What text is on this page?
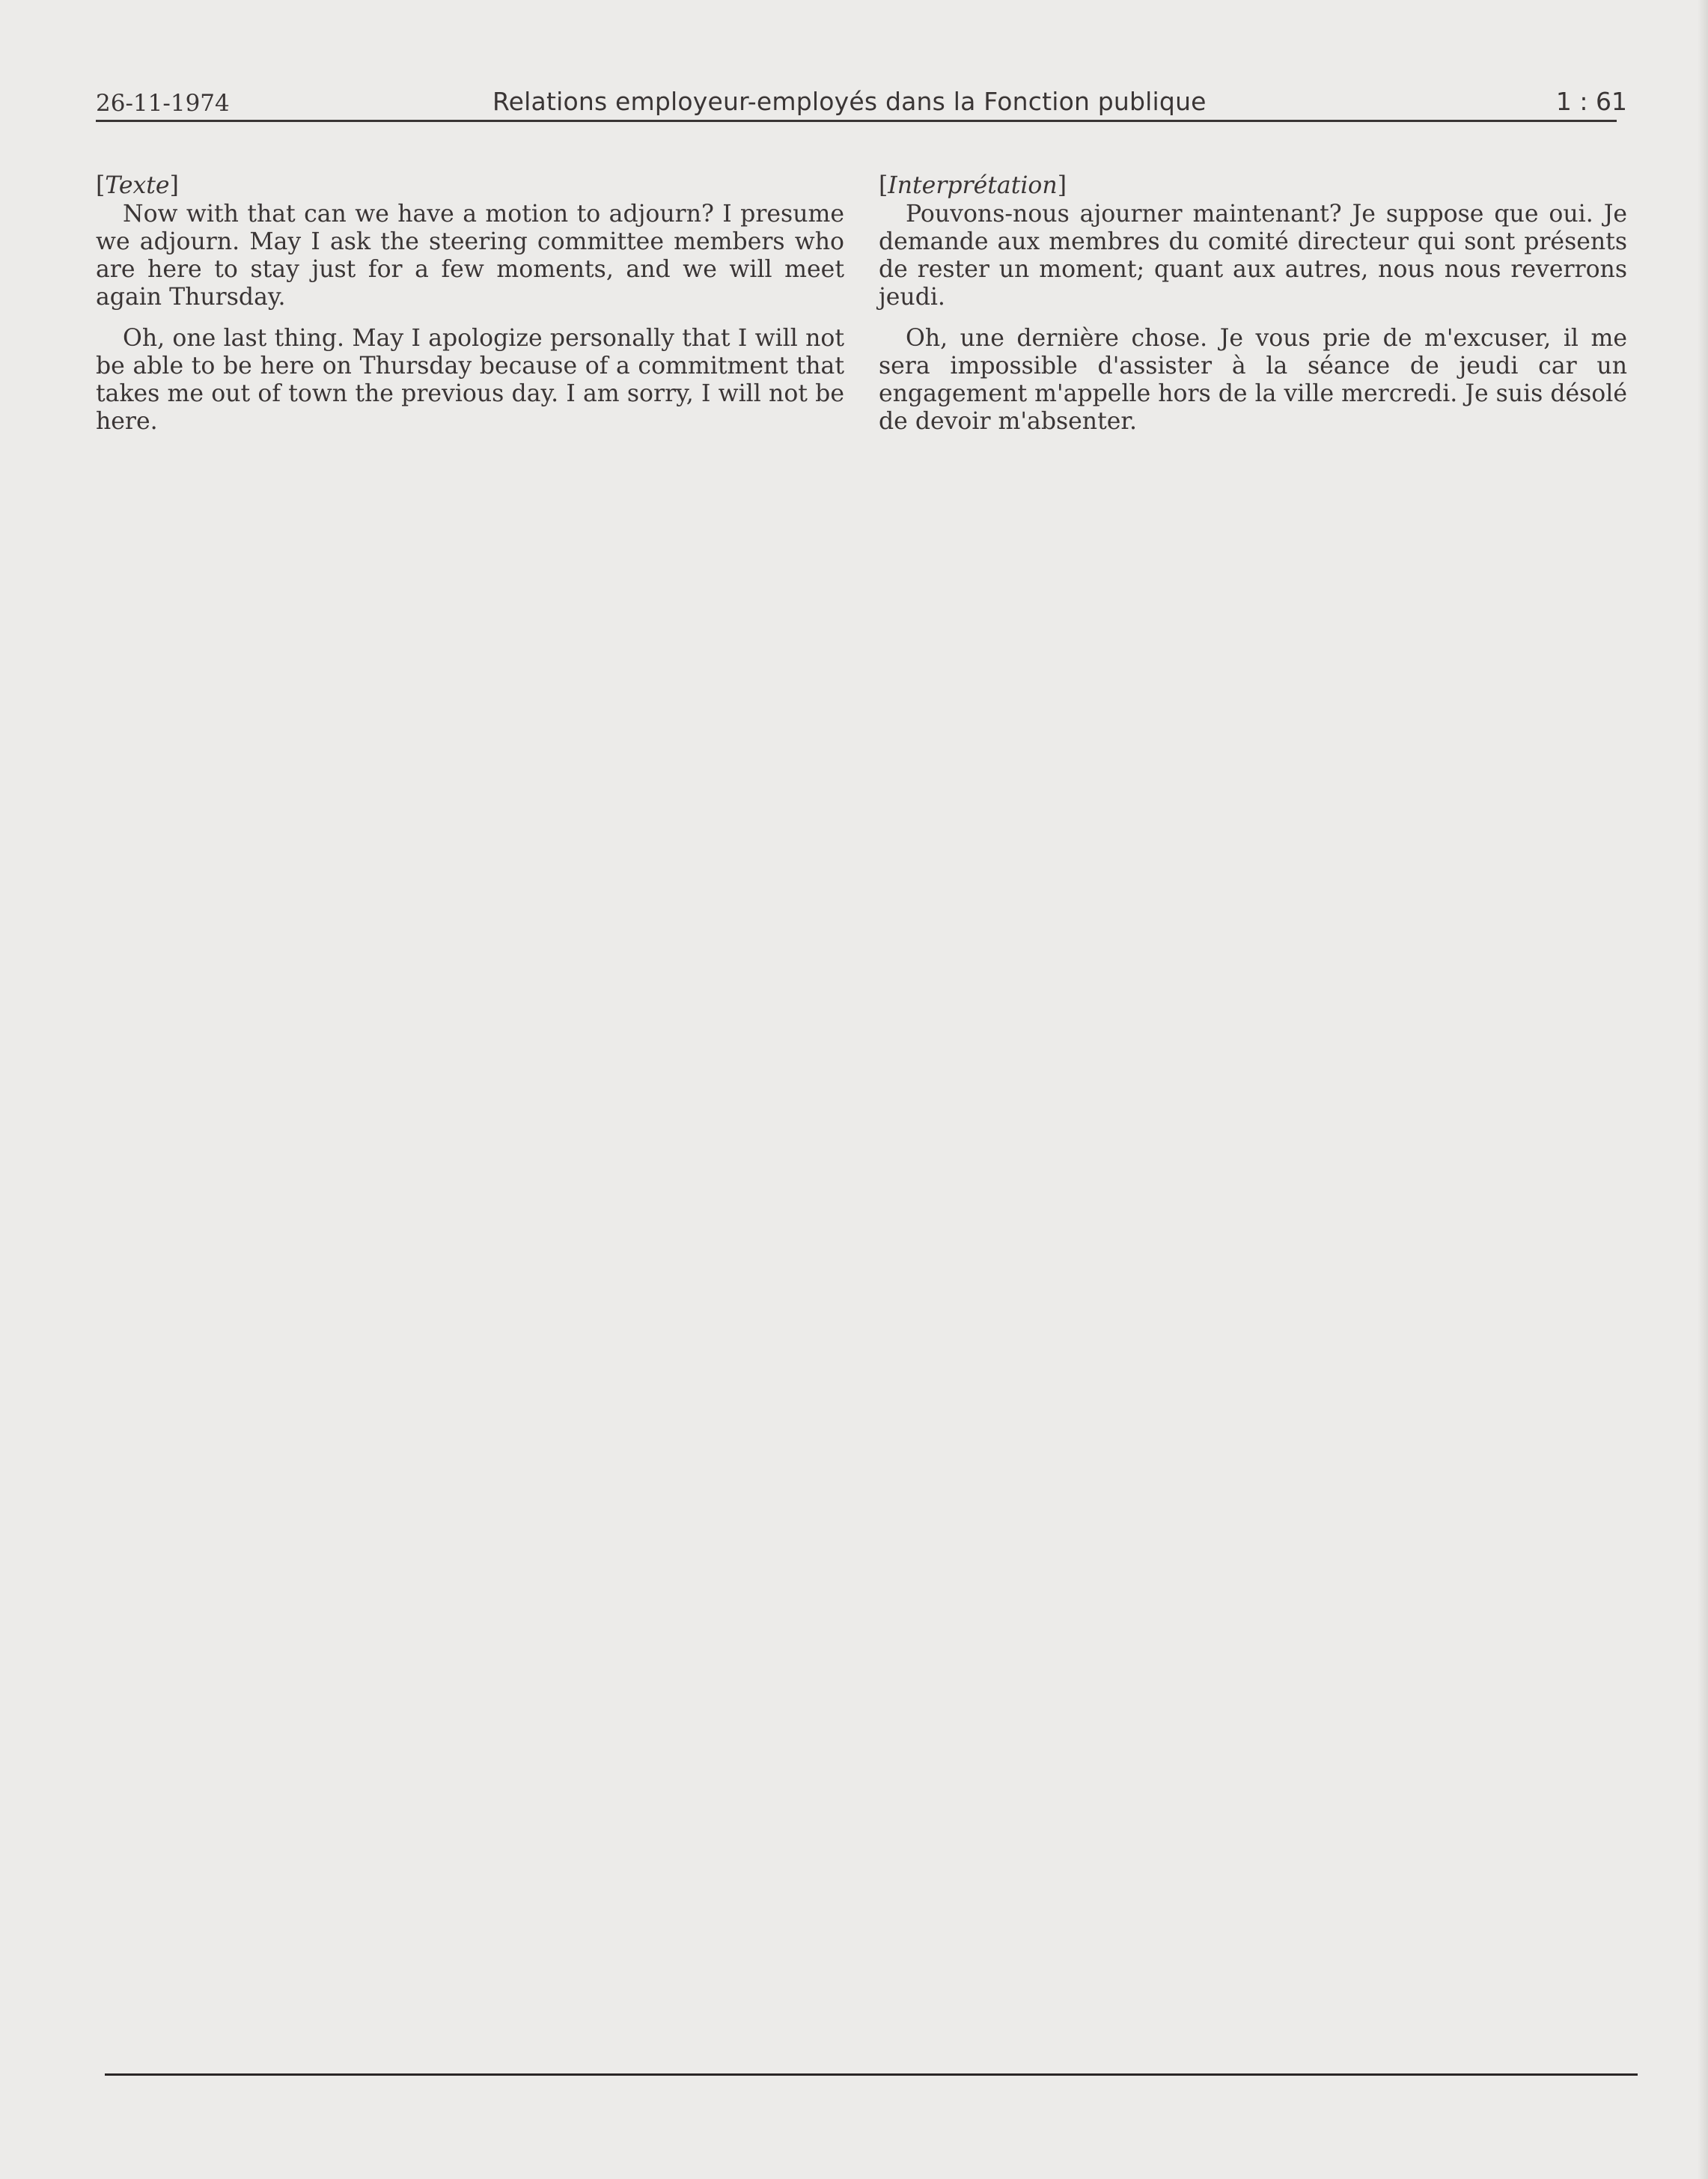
26-11-1974	Relations employeur-employés dans la Fonction publique	1 : 61
[Texte]

Now with that can we have a motion to adjourn? I presume we adjourn. May I ask the steering committee members who are here to stay just for a few moments, and we will meet again Thursday.

Oh, one last thing. May I apologize personally that I will not be able to be here on Thursday because of a commitment that takes me out of town the previous day. I am sorry, I will not be here.

[Interprétation]

Pouvons-nous ajourner maintenant? Je suppose que oui. Je demande aux membres du comité directeur qui sont présents de rester un moment; quant aux autres, nous nous reverrons jeudi.

Oh, une dernière chose. Je vous prie de m'excuser, il me sera impossible d'assister à la séance de jeudi car un engagement m'appelle hors de la ville mercredi. Je suis désolé de devoir m'absenter.
